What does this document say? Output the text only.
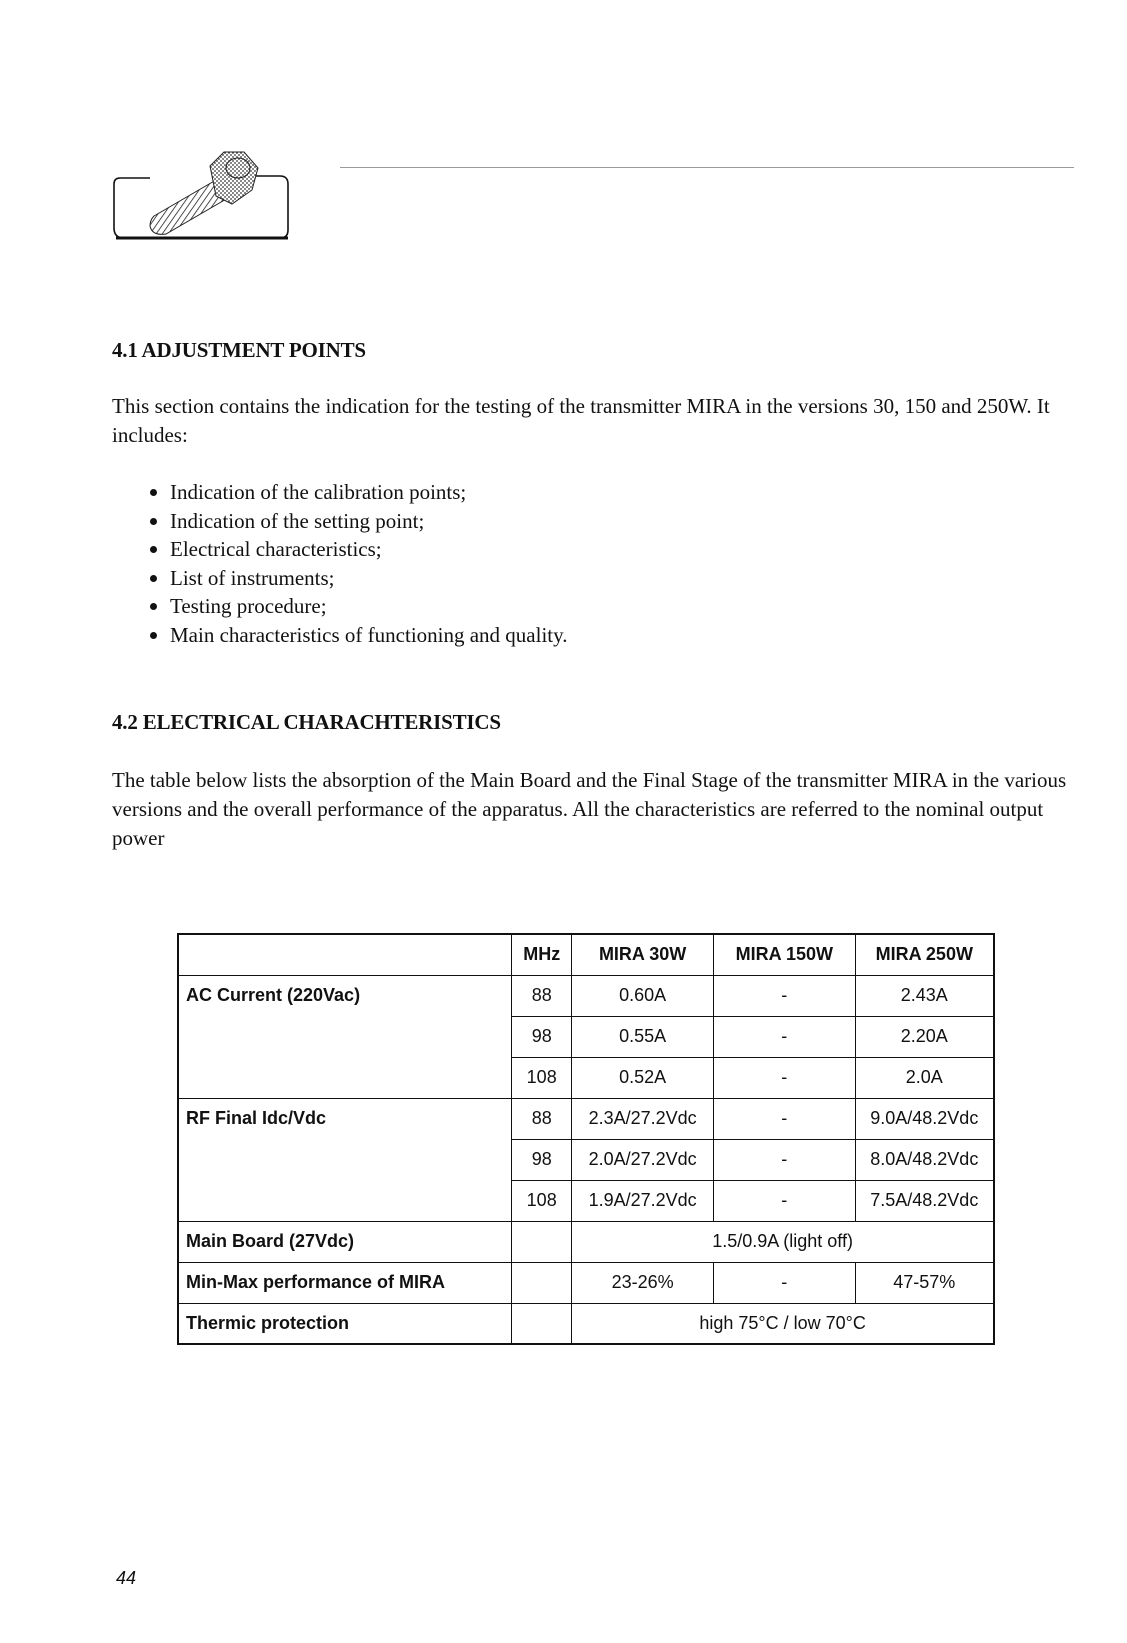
4.1 ADJUSTMENT POINTS

This section contains the indication for the testing of the transmitter MIRA in the versions 30, 150 and 250W. It includes:

Indication of the calibration points;
Indication of the setting point;
Electrical characteristics;
List of instruments;
Testing procedure;
Main characteristics of functioning and quality.
4.2 ELECTRICAL CHARACHTERISTICS

The table below lists the absorption of the Main Board and the Final Stage of the transmitter MIRA in the various versions and the overall performance of the apparatus. All the characteristics are referred to the nominal output power

	MHz	MIRA 30W	MIRA 150W	MIRA 250W
AC Current (220Vac)	88	0.60A	-	2.43A
	98	0.55A	-	2.20A
	108	0.52A	-	2.0A
RF Final Idc/Vdc	88	2.3A/27.2Vdc	-	9.0A/48.2Vdc
	98	2.0A/27.2Vdc	-	8.0A/48.2Vdc
	108	1.9A/27.2Vdc	-	7.5A/48.2Vdc
Main Board (27Vdc)		1.5/0.9A (light off)		
Min-Max performance of MIRA		23-26%	-	47-57%
Thermic protection		high 75°C / low 70°C		
44
